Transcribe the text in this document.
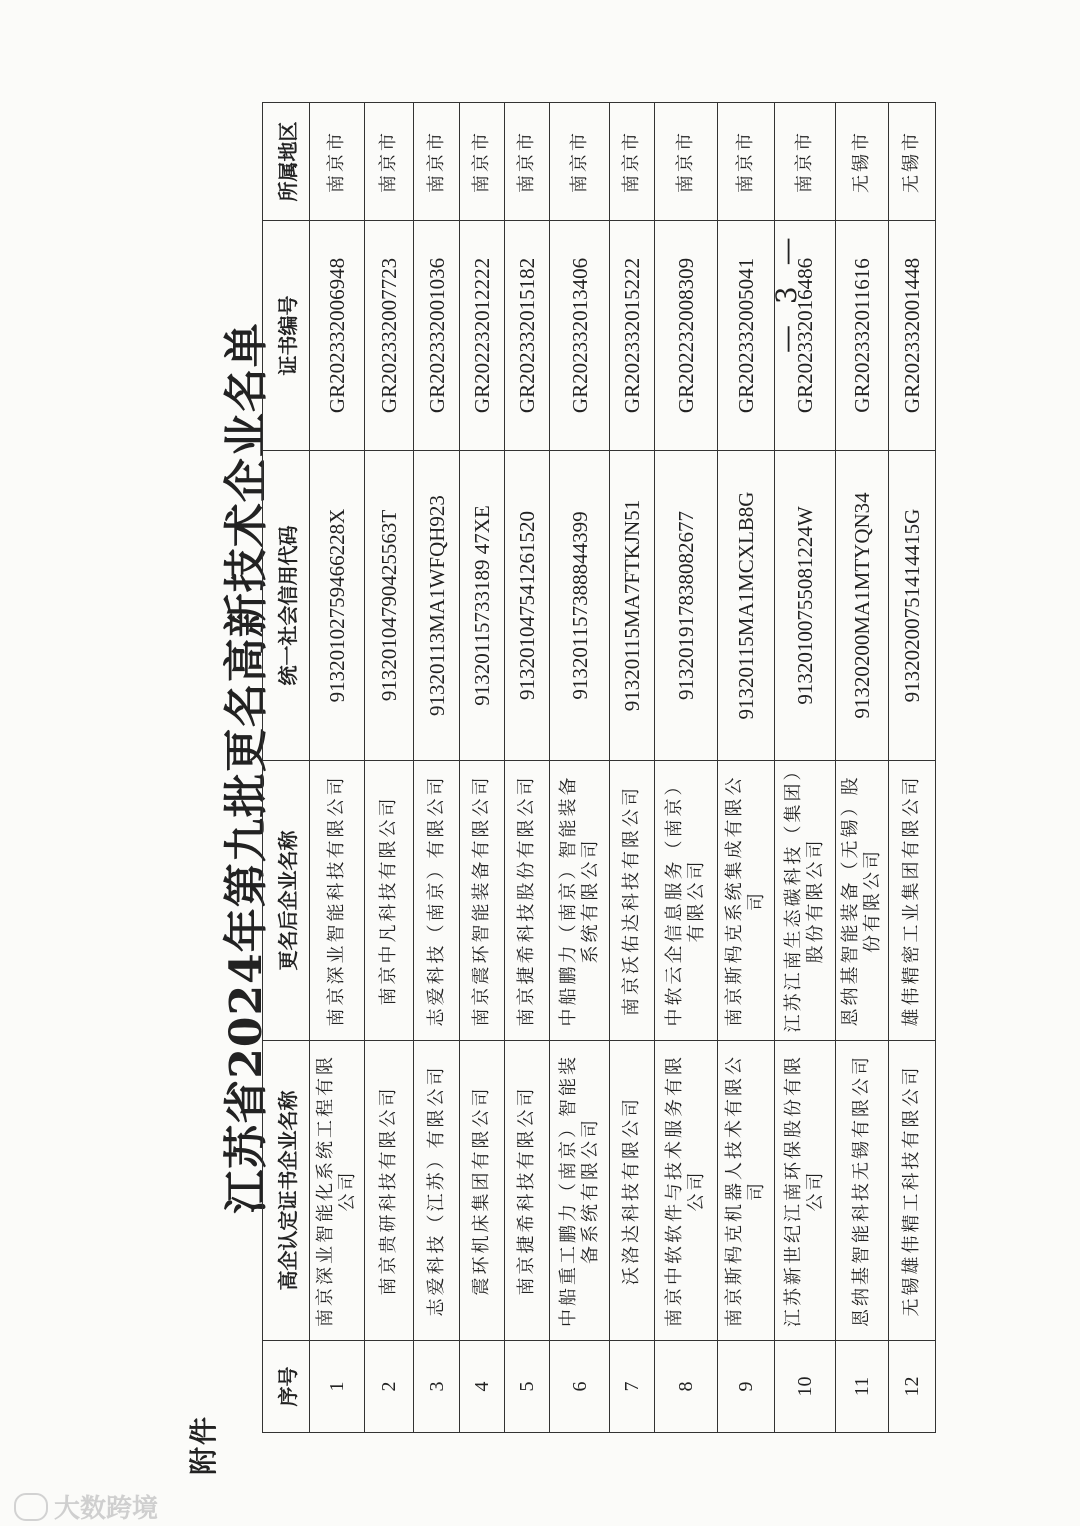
附件
江苏省2024年第九批更名高新技术企业名单
序号	高企认定证书企业名称	更名后企业名称	统一社会信用代码	证书编号	所属地区
1	南京深业智能化系统工程有限公司	南京深业智能科技有限公司	91320102759466228X	GR202332006948	南京市
2	南京贵研科技有限公司	南京中凡科技有限公司	91320104790425563T	GR202332007723	南京市
3	志爱科技（江苏）有限公司	志爱科技（南京）有限公司	91320113MA1WFQH923	GR202332001036	南京市
4	震环机床集团有限公司	南京震环智能装备有限公司	91320115733189 47XE	GR202232012222	南京市
5	南京捷希科技有限公司	南京捷希科技股份有限公司	913201047541261520	GR202332015182	南京市
6	中船重工鹏力（南京）智能装备系统有限公司	中船鹏力（南京）智能装备系统有限公司	913201157388844399	GR202332013406	南京市
7	沃洛达科技有限公司	南京沃佑达科技有限公司	91320115MA7FTKJN51	GR202332015222	南京市
8	南京中软软件与技术服务有限公司	中软云企信息服务（南京）有限公司	913201917838082677	GR202232008309	南京市
9	南京斯杩克机器人技术有限公司	南京斯杩克系统集成有限公司	91320115MA1MCXLB8G	GR202332005041	南京市
10	江苏新世纪江南环保股份有限公司	江苏江南生态碳科技（集团）股份有限公司	91320100755081224W	GR202332016486	南京市
11	恩纳基智能科技无锡有限公司	恩纳基智能装备（无锡）股份有限公司	91320200MA1MTYQN34	GR202332011616	无锡市
12	无锡雄伟精工科技有限公司	雄伟精密工业集团有限公司	91320200751414415G	GR202332001448	无锡市
— 3 —
大数跨境
